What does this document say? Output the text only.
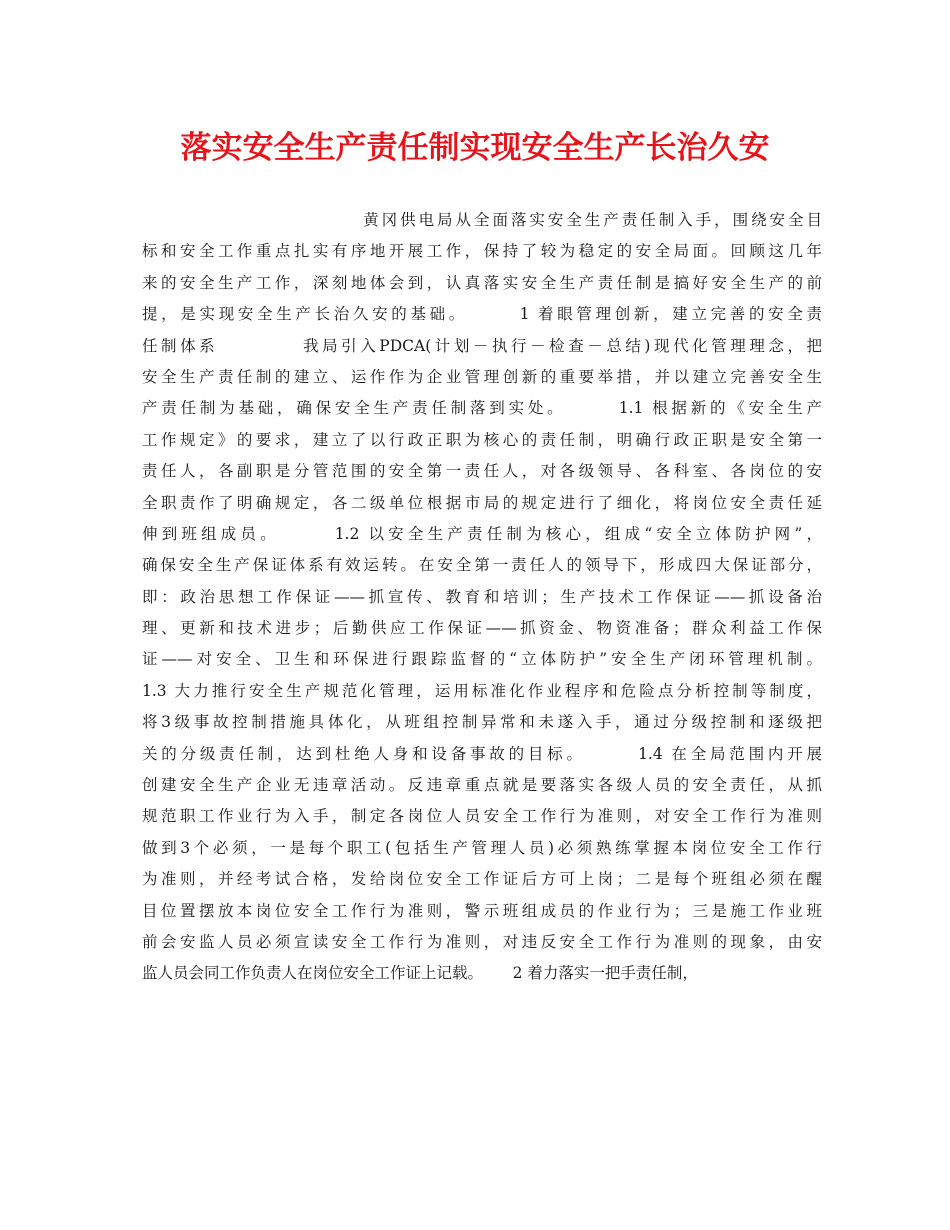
落实安全生产责任制实现安全生产长治久安
黄冈供电局从全面落实安全生产责任制入手，围绕安全目
标和安全工作重点扎实有序地开展工作，保持了较为稳定的安全局面。回顾这几年
来的安全生产工作，深刻地体会到，认真落实安全生产责任制是搞好安全生产的前
提，是实现安全生产长治久安的基础。      1 着眼管理创新，建立完善的安全责
任制体系          我局引入PDCA(计划－执行－检查－总结)现代化管理理念，把
安全生产责任制的建立、运作作为企业管理创新的重要举措，并以建立完善安全生
产责任制为基础，确保安全生产责任制落到实处。      1.1 根据新的《安全生产
工作规定》的要求，建立了以行政正职为核心的责任制，明确行政正职是安全第一
责任人，各副职是分管范围的安全第一责任人，对各级领导、各科室、各岗位的安
全职责作了明确规定，各二级单位根据市局的规定进行了细化，将岗位安全责任延
伸到班组成员。      1.2 以安全生产责任制为核心，组成“安全立体防护网”，
确保安全生产保证体系有效运转。在安全第一责任人的领导下，形成四大保证部分，
即：政治思想工作保证——抓宣传、教育和培训；生产技术工作保证——抓设备治
理、更新和技术进步；后勤供应工作保证——抓资金、物资准备；群众利益工作保
证——对安全、卫生和环保进行跟踪监督的“立体防护”安全生产闭环管理机制。
1.3 大力推行安全生产规范化管理，运用标准化作业程序和危险点分析控制等制度，
将3级事故控制措施具体化，从班组控制异常和未遂入手，通过分级控制和逐级把
关的分级责任制，达到杜绝人身和设备事故的目标。      1.4 在全局范围内开展
创建安全生产企业无违章活动。反违章重点就是要落实各级人员的安全责任，从抓
规范职工作业行为入手，制定各岗位人员安全工作行为准则，对安全工作行为准则
做到3个必须，一是每个职工(包括生产管理人员)必须熟练掌握本岗位安全工作行
为准则，并经考试合格，发给岗位安全工作证后方可上岗；二是每个班组必须在醒
目位置摆放本岗位安全工作行为准则，警示班组成员的作业行为；三是施工作业班
前会安监人员必须宣读安全工作行为准则，对违反安全工作行为准则的现象，由安
监人员会同工作负责人在岗位安全工作证上记载。      2 着力落实一把手责任制，
